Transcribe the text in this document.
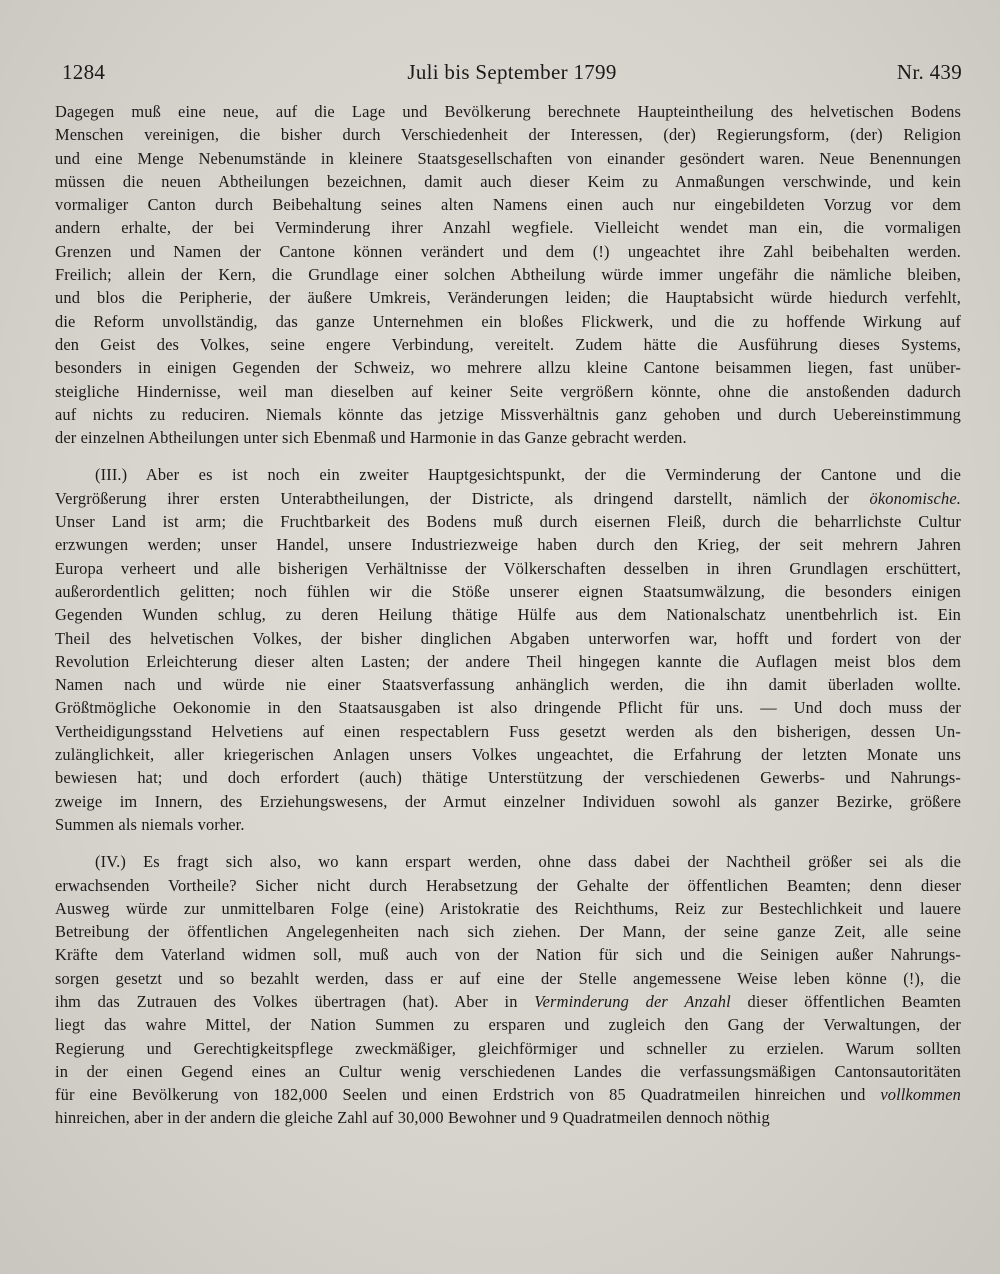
1284	Juli bis September 1799	Nr. 439
Dagegen muß eine neue, auf die Lage und Bevölkerung berechnete Haupteintheilung des helvetischen Bodens
Menschen vereinigen, die bisher durch Verschiedenheit der Interessen, (der) Regierungsform, (der) Religion
und eine Menge Nebenumstände in kleinere Staatsgesellschaften von einander gesöndert waren. Neue Benennungen
müssen die neuen Abtheilungen bezeichnen, damit auch dieser Keim zu Anmaßungen verschwinde, und kein
vormaliger Canton durch Beibehaltung seines alten Namens einen auch nur eingebildeten Vorzug vor dem
andern erhalte, der bei Verminderung ihrer Anzahl wegfiele. Vielleicht wendet man ein, die vormaligen
Grenzen und Namen der Cantone können verändert und dem (!) ungeachtet ihre Zahl beibehalten werden.
Freilich; allein der Kern, die Grundlage einer solchen Abtheilung würde immer ungefähr die nämliche bleiben,
und blos die Peripherie, der äußere Umkreis, Veränderungen leiden; die Hauptabsicht würde hiedurch verfehlt,
die Reform unvollständig, das ganze Unternehmen ein bloßes Flickwerk, und die zu hoffende Wirkung auf
den Geist des Volkes, seine engere Verbindung, vereitelt. Zudem hätte die Ausführung dieses Systems,
besonders in einigen Gegenden der Schweiz, wo mehrere allzu kleine Cantone beisammen liegen, fast unüber-
steigliche Hindernisse, weil man dieselben auf keiner Seite vergrößern könnte, ohne die anstoßenden dadurch
auf nichts zu reduciren. Niemals könnte das jetzige Missverhältnis ganz gehoben und durch Uebereinstimmung
der einzelnen Abtheilungen unter sich Ebenmaß und Harmonie in das Ganze gebracht werden.
(III.) Aber es ist noch ein zweiter Hauptgesichtspunkt, der die Verminderung der Cantone und die
Vergrößerung ihrer ersten Unterabtheilungen, der Districte, als dringend darstellt, nämlich der ökonomische.
Unser Land ist arm; die Fruchtbarkeit des Bodens muß durch eisernen Fleiß, durch die beharrlichste Cultur
erzwungen werden; unser Handel, unsere Industriezweige haben durch den Krieg, der seit mehrern Jahren
Europa verheert und alle bisherigen Verhältnisse der Völkerschaften desselben in ihren Grundlagen erschüttert,
außerordentlich gelitten; noch fühlen wir die Stöße unserer eignen Staatsumwälzung, die besonders einigen
Gegenden Wunden schlug, zu deren Heilung thätige Hülfe aus dem Nationalschatz unentbehrlich ist. Ein
Theil des helvetischen Volkes, der bisher dinglichen Abgaben unterworfen war, hofft und fordert von der
Revolution Erleichterung dieser alten Lasten; der andere Theil hingegen kannte die Auflagen meist blos dem
Namen nach und würde nie einer Staatsverfassung anhänglich werden, die ihn damit überladen wollte.
Größtmögliche Oekonomie in den Staatsausgaben ist also dringende Pflicht für uns. — Und doch muss der
Vertheidigungsstand Helvetiens auf einen respectablern Fuss gesetzt werden als den bisherigen, dessen Un-
zulänglichkeit, aller kriegerischen Anlagen unsers Volkes ungeachtet, die Erfahrung der letzten Monate uns
bewiesen hat; und doch erfordert (auch) thätige Unterstützung der verschiedenen Gewerbs- und Nahrungs-
zweige im Innern, des Erziehungswesens, der Armut einzelner Individuen sowohl als ganzer Bezirke, größere
Summen als niemals vorher.
(IV.) Es fragt sich also, wo kann erspart werden, ohne dass dabei der Nachtheil größer sei als die
erwachsenden Vortheile? Sicher nicht durch Herabsetzung der Gehalte der öffentlichen Beamten; denn dieser
Ausweg würde zur unmittelbaren Folge (eine) Aristokratie des Reichthums, Reiz zur Bestechlichkeit und lauere
Betreibung der öffentlichen Angelegenheiten nach sich ziehen. Der Mann, der seine ganze Zeit, alle seine
Kräfte dem Vaterland widmen soll, muß auch von der Nation für sich und die Seinigen außer Nahrungs-
sorgen gesetzt und so bezahlt werden, dass er auf eine der Stelle angemessene Weise leben könne (!), die
ihm das Zutrauen des Volkes übertragen (hat). Aber in Verminderung der Anzahl dieser öffentlichen Beamten
liegt das wahre Mittel, der Nation Summen zu ersparen und zugleich den Gang der Verwaltungen, der
Regierung und Gerechtigkeitspflege zweckmäßiger, gleichförmiger und schneller zu erzielen. Warum sollten
in der einen Gegend eines an Cultur wenig verschiedenen Landes die verfassungsmäßigen Cantonsautoritäten
für eine Bevölkerung von 182,000 Seelen und einen Erdstrich von 85 Quadratmeilen hinreichen und vollkommen
hinreichen, aber in der andern die gleiche Zahl auf 30,000 Bewohner und 9 Quadratmeilen dennoch nöthig
